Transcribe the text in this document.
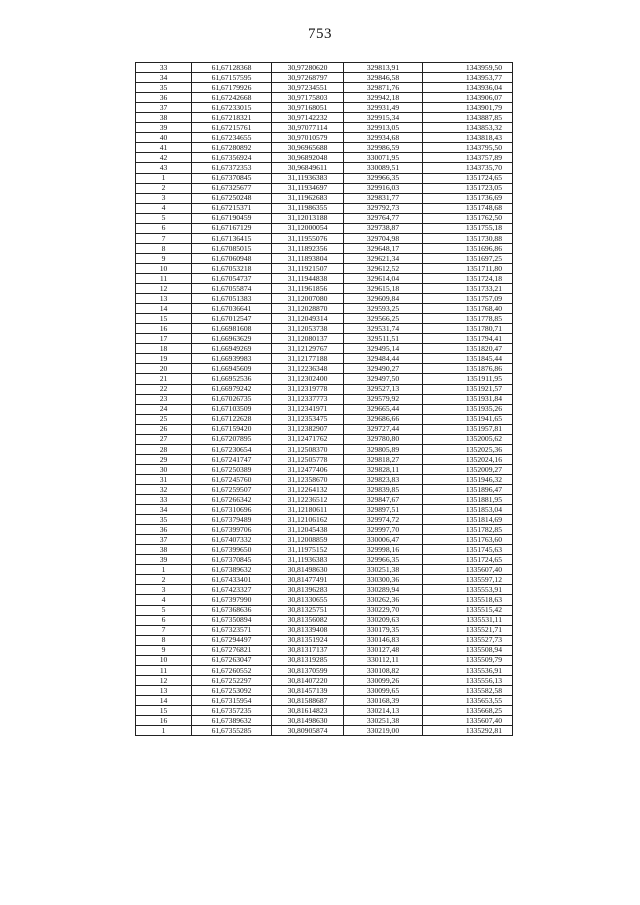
753
33	61,67128368	30,97280620	329813,91	1343959,50
34	61,67157595	30,97268797	329846,58	1343953,77
35	61,67179926	30,97234551	329871,76	1343936,04
36	61,67242668	30,97175803	329942,18	1343906,07
37	61,67233015	30,97168051	329931,49	1343901,79
38	61,67218321	30,97142232	329915,34	1343887,85
39	61,67215761	30,97077114	329913,05	1343853,32
40	61,67234655	30,97010579	329934,68	1343818,43
41	61,67280892	30,96965688	329986,59	1343795,50
42	61,67356924	30,96892048	330071,95	1343757,89
43	61,67372353	30,96849611	330089,51	1343735,70
1	61,67370845	31,11936383	329966,35	1351724,65
2	61,67325677	31,11934697	329916,03	1351723,05
3	61,67250248	31,11962683	329831,77	1351736,69
4	61,67215371	31,11986355	329792,73	1351748,68
5	61,67190459	31,12013188	329764,77	1351762,50
6	61,67167129	31,12000054	329738,87	1351755,18
7	61,67136415	31,11955076	329704,98	1351730,88
8	61,67085015	31,11892356	329648,17	1351696,86
9	61,67060948	31,11893804	329621,34	1351697,25
10	61,67053218	31,11921507	329612,52	1351711,80
11	61,67054737	31,11944838	329614,04	1351724,18
12	61,67055874	31,11961856	329615,18	1351733,21
13	61,67051383	31,12007080	329609,84	1351757,09
14	61,67036641	31,12028870	329593,25	1351768,40
15	61,67012547	31,12049314	329566,25	1351778,85
16	61,66981608	31,12053738	329531,74	1351780,71
17	61,66963629	31,12080137	329511,51	1351794,41
18	61,66949269	31,12129767	329495,14	1351820,47
19	61,66939983	31,12177188	329484,44	1351845,44
20	61,66945609	31,12236348	329490,27	1351876,86
21	61,66952536	31,12302400	329497,50	1351911,95
22	61,66979242	31,12319778	329527,13	1351921,57
23	61,67026735	31,12337773	329579,92	1351931,84
24	61,67103509	31,12341971	329665,44	1351935,26
25	61,67122628	31,12353475	329686,66	1351941,65
26	61,67159420	31,12382907	329727,44	1351957,81
27	61,67207895	31,12471762	329780,80	1352005,62
28	61,67230654	31,12508370	329805,89	1352025,36
29	61,67241747	31,12505778	329818,27	1352024,16
30	61,67250389	31,12477406	329828,11	1352009,27
31	61,67245760	31,12358670	329823,83	1351946,32
32	61,67259507	31,12264132	329839,85	1351896,47
33	61,67266342	31,12236512	329847,67	1351881,95
34	61,67310696	31,12180611	329897,51	1351853,04
35	61,67379489	31,12106162	329974,72	1351814,69
36	61,67399706	31,12045438	329997,70	1351782,85
37	61,67407332	31,12008859	330006,47	1351763,60
38	61,67399650	31,11975152	329998,16	1351745,63
39	61,67370845	31,11936383	329966,35	1351724,65
1	61,67389632	30,81498630	330251,38	1335607,40
2	61,67433401	30,81477491	330300,36	1335597,12
3	61,67423327	30,81396283	330289,94	1335553,91
4	61,67397990	30,81330655	330262,36	1335518,63
5	61,67368636	30,81325751	330229,70	1335515,42
6	61,67350894	30,81356082	330209,63	1335531,11
7	61,67323571	30,81339408	330179,35	1335521,71
8	61,67294497	30,81351924	330146,83	1335527,73
9	61,67276821	30,81317137	330127,48	1335508,94
10	61,67263047	30,81319285	330112,11	1335509,79
11	61,67260552	30,81370599	330108,82	1335536,91
12	61,67252297	30,81407220	330099,26	1335556,13
13	61,67253092	30,81457139	330099,65	1335582,58
14	61,67315954	30,81588687	330168,39	1335653,55
15	61,67357235	30,81614823	330214,13	1335668,25
16	61,67389632	30,81498630	330251,38	1335607,40
1	61,67355285	30,80905874	330219,00	1335292,81
